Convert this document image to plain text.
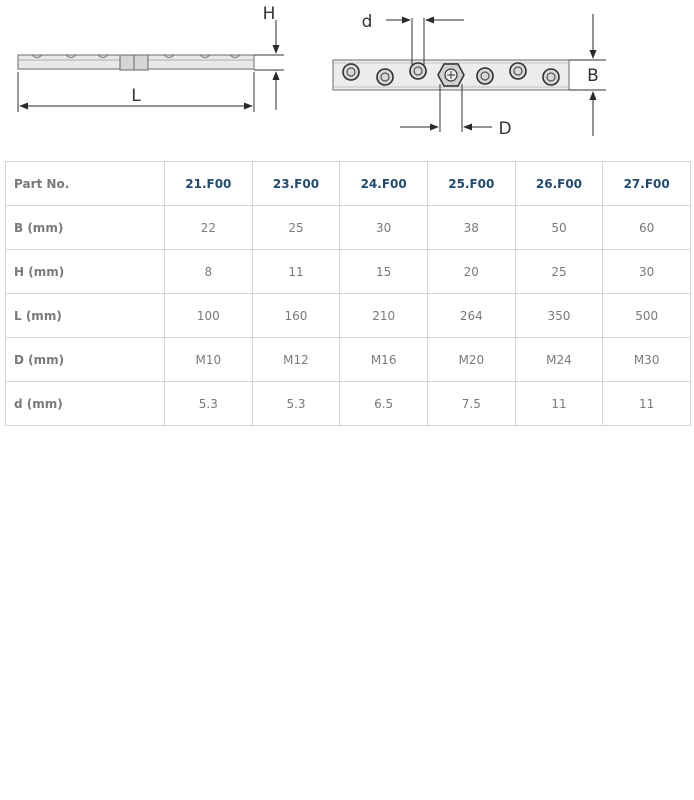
L
H	d
D
B
Part No.	21.F00	23.F00	24.F00	25.F00	26.F00	27.F00
B (mm)	22	25	30	38	50	60
H (mm)	8	11	15	20	25	30
L (mm)	100	160	210	264	350	500
D (mm)	M10	M12	M16	M20	M24	M30
d (mm)	5.3	5.3	6.5	7.5	11	11
